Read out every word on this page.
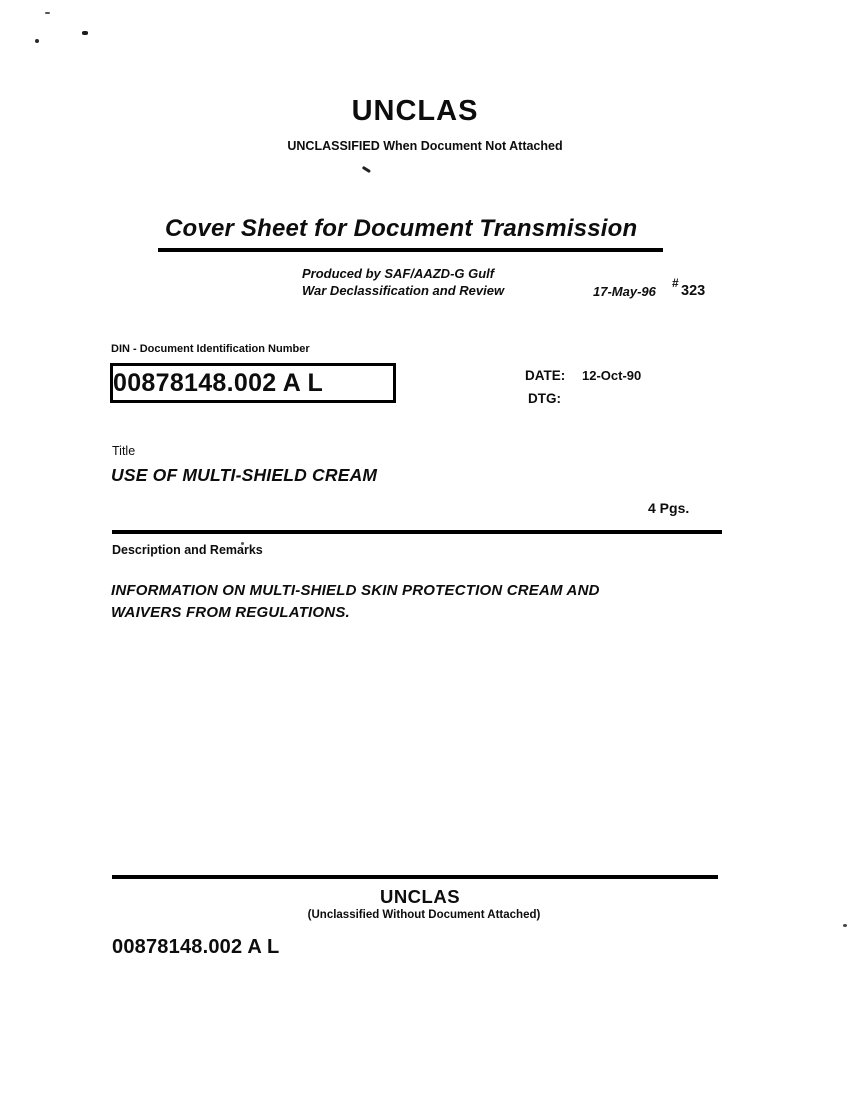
UNCLAS
UNCLASSIFIED When Document Not Attached
Cover Sheet for Document Transmission
Produced by SAF/AAZD-G Gulf
War Declassification and Review	17-May-96
# 323
DIN - Document Identification Number
00878148.002 A L	DATE: 12-Oct-90
DTG:
Title
USE OF MULTI-SHIELD CREAM
4 Pgs.
Description and Remarks
INFORMATION ON MULTI-SHIELD SKIN PROTECTION CREAM AND
WAIVERS FROM REGULATIONS.
UNCLAS
(Unclassified Without Document Attached)
00878148.002 A L
